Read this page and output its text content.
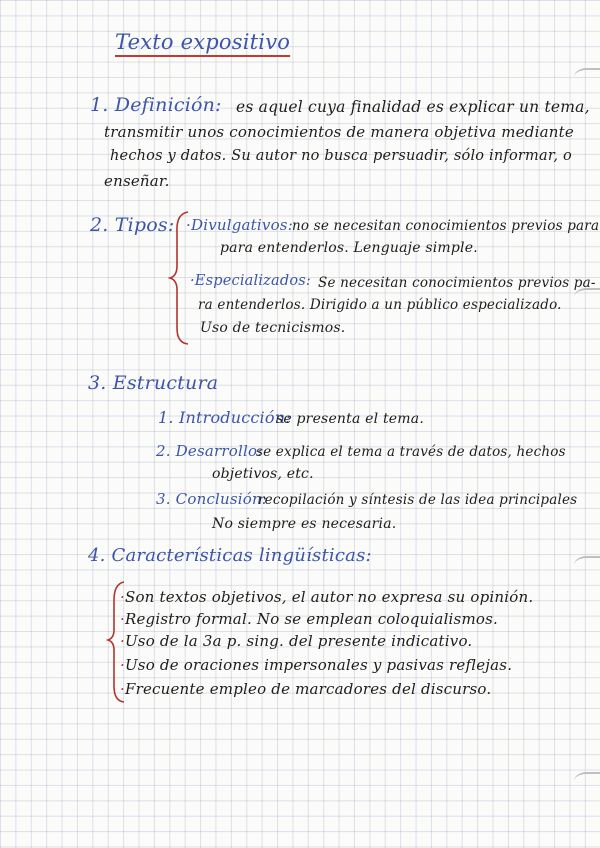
Texto expositivo
1. Definición: es aquel cuya finalidad es explicar un tema,
transmitir unos conocimientos de manera objetiva mediante
hechos y datos. Su autor no busca persuadir, sólo informar, o
enseñar.
2. Tipos: ·Divulgativos: no se necesitan conocimientos previos para
para entenderlos. Lenguaje simple.
·Especializados: Se necesitan conocimientos previos pa-
ra entenderlos. Dirigido a un público especializado.
Uso de tecnicismos.
3. Estructura
1. Introducción:
se presenta el tema.
2. Desarrollo:
se explica el tema a través de datos, hechos
objetivos, etc.
3. Conclusión:
recopilación y síntesis de las idea principales
No siempre es necesaria.
4. Características lingüísticas:
·Son textos objetivos, el autor no expresa su opinión.
·Registro formal. No se emplean coloquialismos.
·Uso de la 3a p. sing. del presente indicativo.
·Uso de oraciones impersonales y pasivas reflejas.
·Frecuente empleo de marcadores del discurso.
